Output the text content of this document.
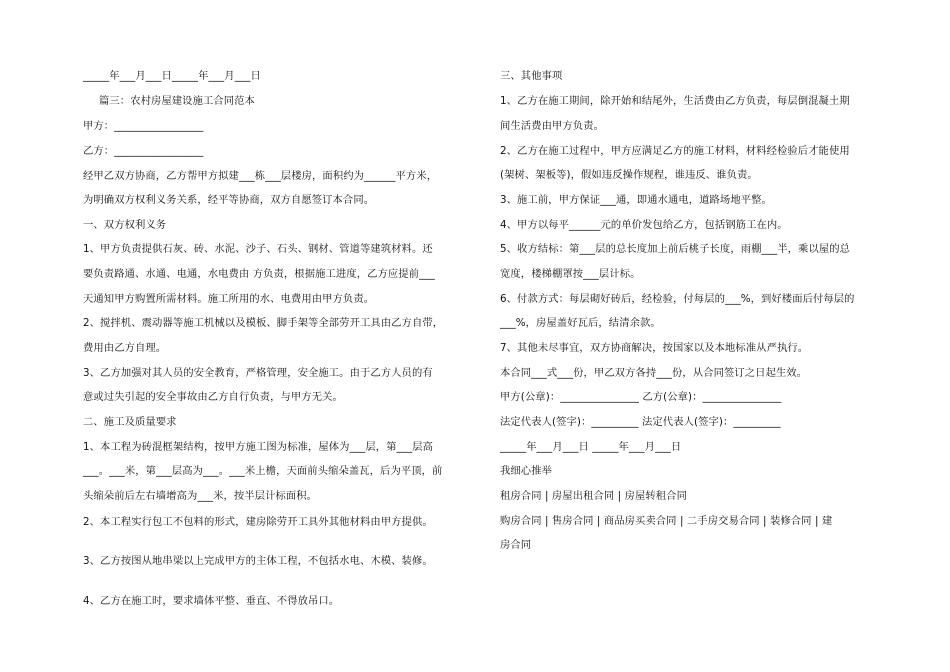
_____年___月___日_____年___月___日
篇三：农村房屋建设施工合同范本
甲方：_________________
乙方：_________________
经甲乙双方协商，乙方帮甲方拟建___栋___层楼房，面积约为______平方米，
为明确双方权利义务关系，经平等协商，双方自愿签订本合同。
一、双方权利义务
1、甲方负责提供石灰、砖、水泥、沙子、石头、钢材、管道等建筑材料。还
要负责路通、水通、电通，水电费由 方负责，根据施工进度，乙方应提前___
天通知甲方购置所需材料。施工所用的水、电费用由甲方负责。
2、搅拌机、震动器等施工机械以及模板、脚手架等全部劳开工具由乙方自带，
费用由乙方自理。
3、乙方加强对其人员的安全教育，严格管理，安全施工。由于乙方人员的有
意或过失引起的安全事故由乙方自行负责，与甲方无关。
二、施工及质量要求
1、本工程为砖混框架结构，按甲方施工图为标准，屋体为___层，第___层高
___。___米，第___层高为___。___米上檐，天面前头缩朵盖瓦，后为平顶，前
头缩朵前后左右墙增高为___米，按半层计标面积。
2、本工程实行包工不包料的形式，建房除劳开工具外其他材料由甲方提供。
3、乙方按图从地串梁以上完成甲方的主体工程，不包括水电、木模、装修。
4、乙方在施工时，要求墙体平整、垂直、不得放吊口。
三、其他事项
1、乙方在施工期间，除开始和结尾外，生活费由乙方负责，每层倒混凝土期
间生活费由甲方负责。
2、乙方在施工过程中，甲方应满足乙方的施工材料，材料经检验后才能使用
(架树、架板等)，假如违反操作规程，谁违反、谁负责。
3、施工前，甲方保证___通，即通水通电，道路场地平整。
4、甲方以每平______元的单价发包给乙方，包括钢筋工在内。
5、收方结标：第___层的总长度加上前后桃子长度，雨棚___半，乘以屋的总
宽度，楼梯棚罩按___层计标。
6、付款方式：每层砌好砖后，经检验，付每层的___%，到好楼面后付每层的
___%，房屋盖好瓦后，结清余款。
7、其他未尽事宜，双方协商解决，按国家以及本地标准从严执行。
本合同___式___份，甲乙双方各持___份，从合同签订之日起生效。
甲方(公章)：_______________ 乙方(公章)：_______________
法定代表人(签字)：_________ 法定代表人(签字)：_________
_____年___月___日 _____年___月___日
我细心推举
租房合同 | 房屋出租合同 | 房屋转租合同
购房合同 | 售房合同 | 商品房买卖合同 | 二手房交易合同 | 装修合同 | 建
房合同
